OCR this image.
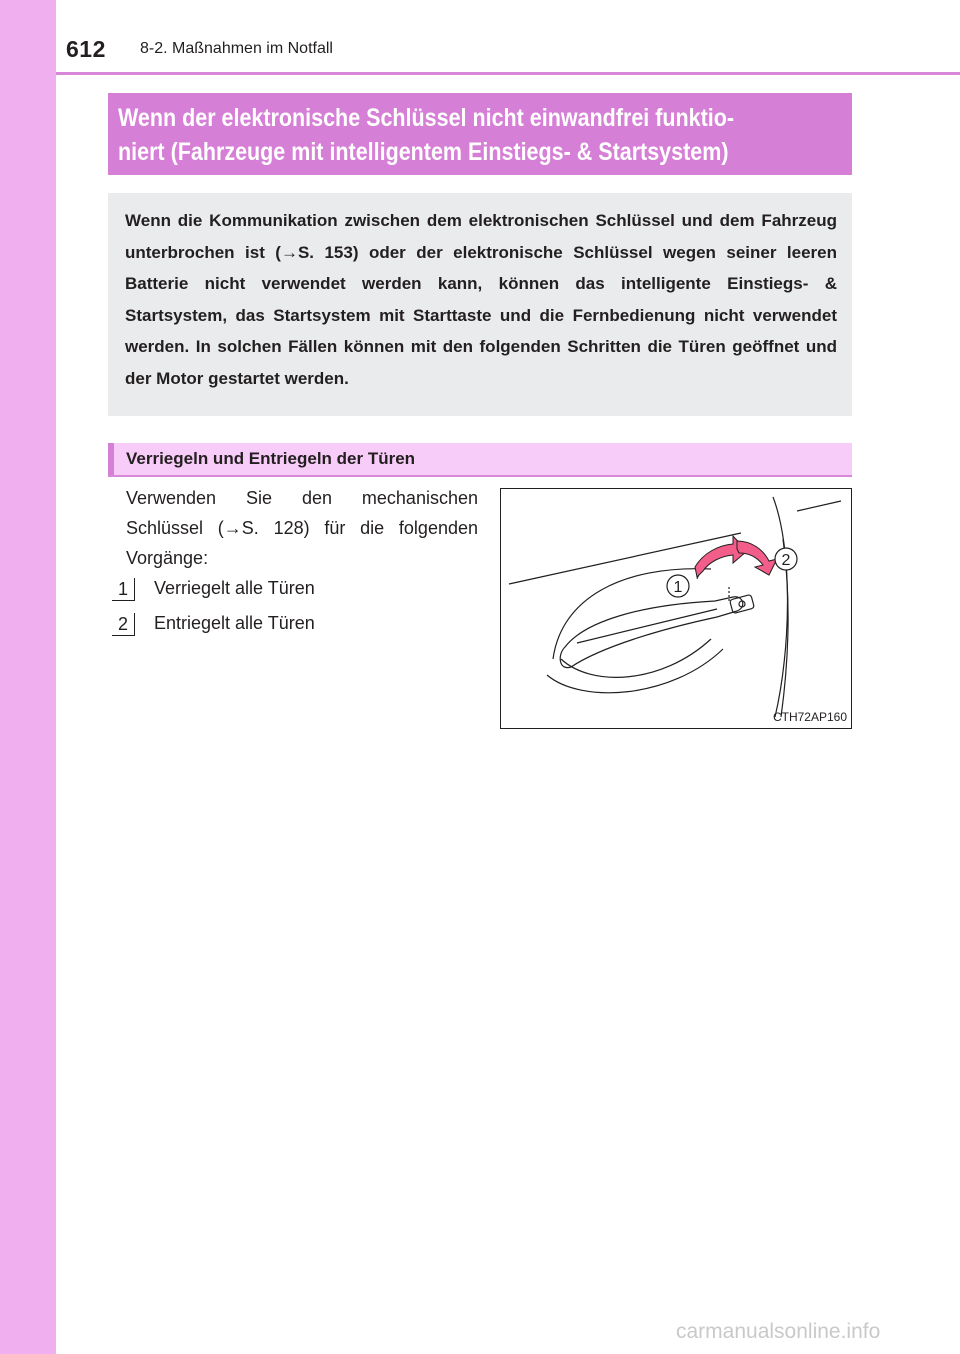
612 8-2. Maßnahmen im Notfall
Wenn der elektronische Schlüssel nicht einwandfrei funktio-
niert (Fahrzeuge mit intelligentem Einstiegs- & Startsystem)
Wenn die Kommunikation zwischen dem elektronischen Schlüssel und dem Fahrzeug unterbrochen ist (→S. 153) oder der elektronische Schlüssel wegen seiner leeren Batterie nicht verwendet werden kann, können das intelligente Einstiegs- & Startsystem, das Startsystem mit Starttaste und die Fernbedienung nicht verwendet werden. In solchen Fällen können mit den folgenden Schritten die Türen geöffnet und der Motor gestartet werden.
Verriegeln und Entriegeln der Türen
Verwenden Sie den mechanischen Schlüssel (→S. 128) für die folgenden Vorgänge:
1	Verriegelt alle Türen
2	Entriegelt alle Türen
1
2
CTH72AP160
carmanualsonline.info
